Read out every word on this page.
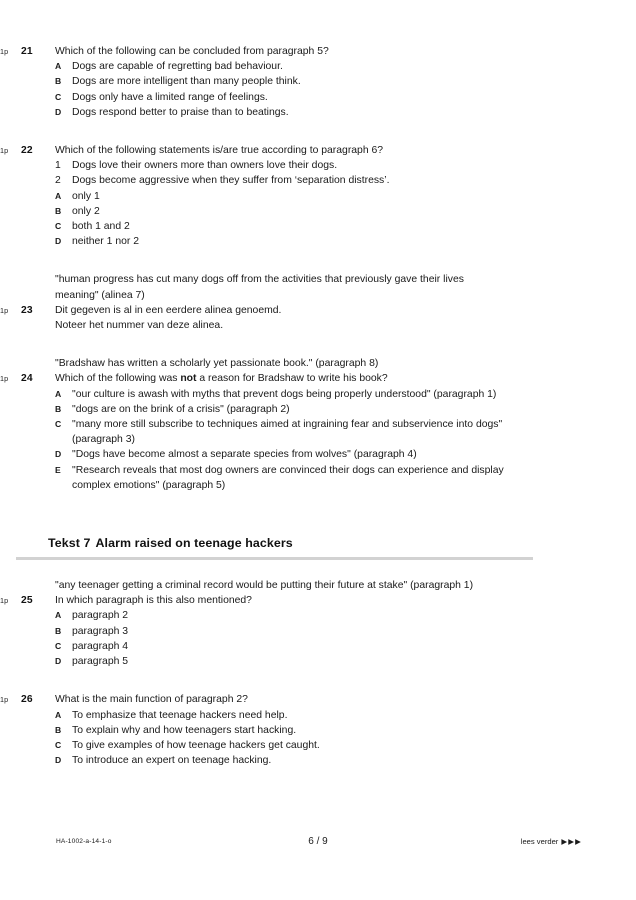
1p	21	Which of the following can be concluded from paragraph 5?

A	Dogs are capable of regretting bad behaviour.
B	Dogs are more intelligent than many people think.
C	Dogs only have a limited range of feelings.
D	Dogs respond better to praise than to beatings.
1p	22	Which of the following statements is/are true according to paragraph 6?

1	Dogs love their owners more than owners love their dogs.
2	Dogs become aggressive when they suffer from ‘separation distress’.
A	only 1
B	only 2
C	both 1 and 2
D	neither 1 nor 2

"human progress has cut many dogs off from the activities that previously gave their lives meaning" (alinea 7)

1p	23	Dit gegeven is al in een eerdere alinea genoemd.

Noteer het nummer van deze alinea.

"Bradshaw has written a scholarly yet passionate book." (paragraph 8)

1p	24	Which of the following was not a reason for Bradshaw to write his book?

A	"our culture is awash with myths that prevent dogs being properly understood" (paragraph 1)
B	"dogs are on the brink of a crisis" (paragraph 2)
C	"many more still subscribe to techniques aimed at ingraining fear and subservience into dogs" (paragraph 3)
D	"Dogs have become almost a separate species from wolves" (paragraph 4)
E	"Research reveals that most dog owners are convinced their dogs can experience and display complex emotions" (paragraph 5)
Tekst 7 Alarm raised on teenage hackers

"any teenager getting a criminal record would be putting their future at stake" (paragraph 1)

1p	25	In which paragraph is this also mentioned?

A	paragraph 2
B	paragraph 3
C	paragraph 4
D	paragraph 5
1p	26	What is the main function of paragraph 2?

A	To emphasize that teenage hackers need help.
B	To explain why and how teenagers start hacking.
C	To give examples of how teenage hackers get caught.
D	To introduce an expert on teenage hacking.
HA-1002-a-14-1-o	6 / 9	lees verder ▶▶▶
